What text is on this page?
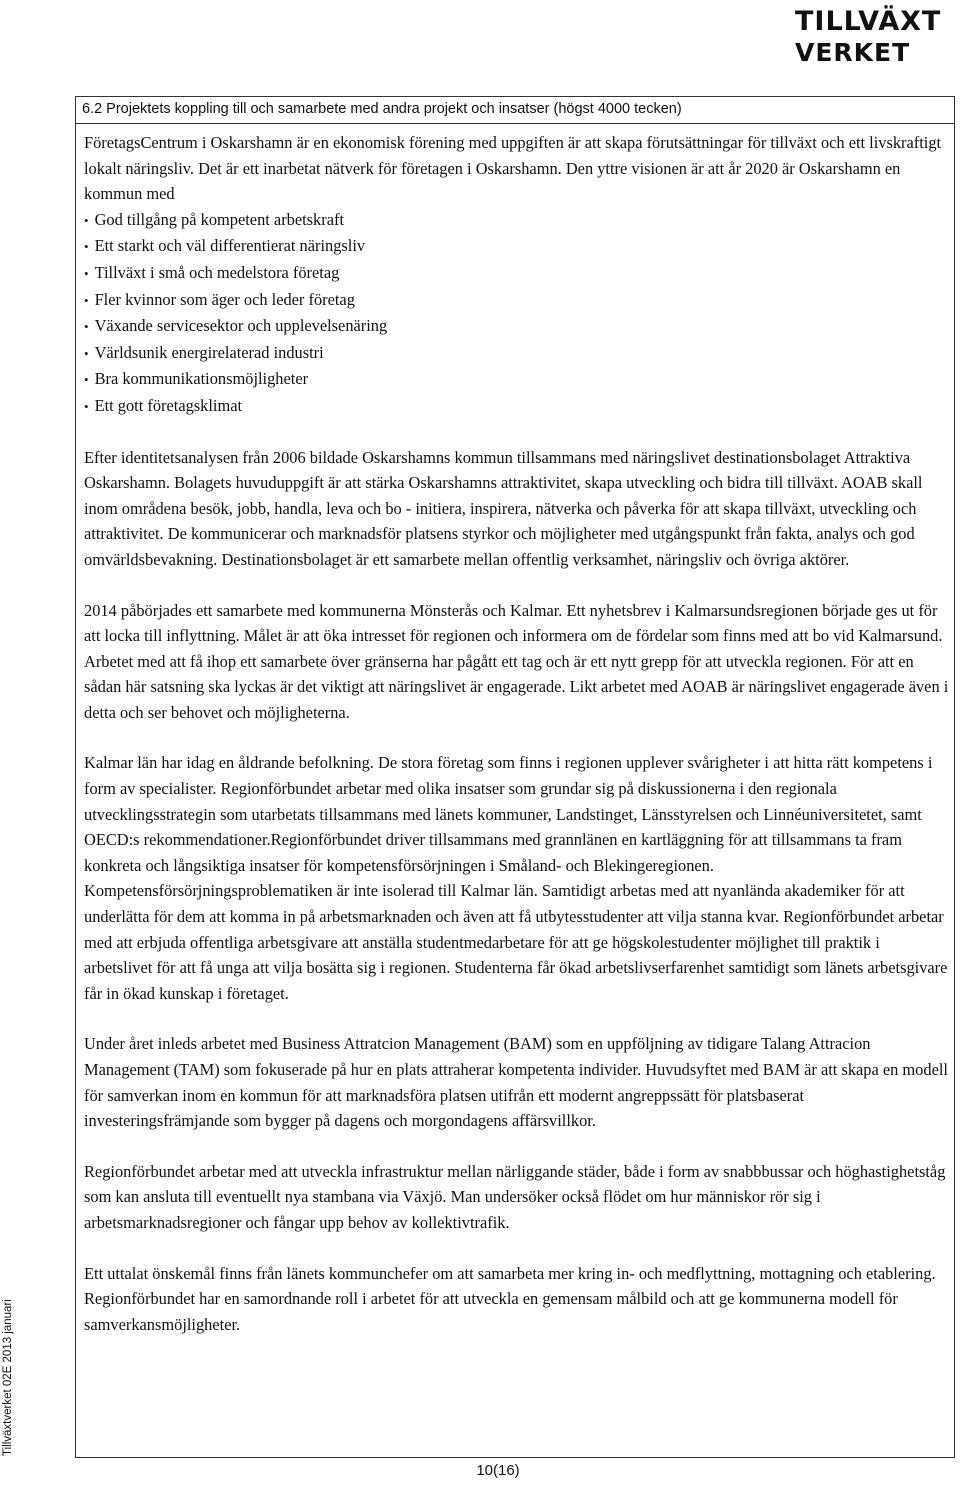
TILLVÄXT
VERKET
Tillväxtverket 02E 2013 januari
6.2 Projektets koppling till och samarbete med andra projekt och insatser (högst 4000 tecken)

FöretagsCentrum i Oskarshamn är en ekonomisk förening med uppgiften är att skapa förutsättningar för tillväxt och ett livskraftigt lokalt näringsliv. Det är ett inarbetat nätverk för företagen i Oskarshamn. Den yttre visionen är att år 2020 är Oskarshamn en kommun med

• God tillgång på kompetent arbetskraft
• Ett starkt och väl differentierat näringsliv
• Tillväxt i små och medelstora företag
• Fler kvinnor som äger och leder företag
• Växande servicesektor och upplevelsenäring
• Världsunik energirelaterad industri
• Bra kommunikationsmöjligheter
• Ett gott företagsklimat

Efter identitetsanalysen från 2006 bildade Oskarshamns kommun tillsammans med näringslivet destinationsbolaget Attraktiva Oskarshamn. Bolagets huvuduppgift är att stärka Oskarshamns attraktivitet, skapa utveckling och bidra till tillväxt. AOAB skall inom områdena besök, jobb, handla, leva och bo - initiera, inspirera, nätverka och påverka för att skapa tillväxt, utveckling och attraktivitet. De kommunicerar och marknadsför platsens styrkor och möjligheter med utgångspunkt från fakta, analys och god omvärldsbevakning. Destinationsbolaget är ett samarbete mellan offentlig verksamhet, näringsliv och övriga aktörer.

2014 påbörjades ett samarbete med kommunerna Mönsterås och Kalmar. Ett nyhetsbrev i Kalmarsundsregionen började ges ut för att locka till inflyttning. Målet är att öka intresset för regionen och informera om de fördelar som finns med att bo vid Kalmarsund. Arbetet med att få ihop ett samarbete över gränserna har pågått ett tag och är ett nytt grepp för att utveckla regionen. För att en sådan här satsning ska lyckas är det viktigt att näringslivet är engagerade. Likt arbetet med AOAB är näringslivet engagerade även i detta och ser behovet och möjligheterna.

Kalmar län har idag en åldrande befolkning. De stora företag som finns i regionen upplever svårigheter i att hitta rätt kompetens i form av specialister. Regionförbundet arbetar med olika insatser som grundar sig på diskussionerna i den regionala utvecklingsstrategin som utarbetats tillsammans med länets kommuner, Landstinget, Länsstyrelsen och Linnéuniversitetet, samt OECD:s rekommendationer.Regionförbundet driver tillsammans med grannlänen en kartläggning för att tillsammans ta fram konkreta och långsiktiga insatser för kompetensförsörjningen i Småland- och Blekingeregionen. Kompetensförsörjningsproblematiken är inte isolerad till Kalmar län. Samtidigt arbetas med att nyanlända akademiker för att underlätta för dem att komma in på arbetsmarknaden och även att få utbytesstudenter att vilja stanna kvar. Regionförbundet arbetar med att erbjuda offentliga arbetsgivare att anställa studentmedarbetare för att ge högskolestudenter möjlighet till praktik i arbetslivet för att få unga att vilja bosätta sig i regionen. Studenterna får ökad arbetslivserfarenhet samtidigt som länets arbetsgivare får in ökad kunskap i företaget.

Under året inleds arbetet med Business Attratcion Management (BAM) som en uppföljning av tidigare Talang Attracion Management (TAM) som fokuserade på hur en plats attraherar kompetenta individer. Huvudsyftet med BAM är att skapa en modell för samverkan inom en kommun för att marknadsföra platsen utifrån ett modernt angreppssätt för platsbaserat investeringsfrämjande som bygger på dagens och morgondagens affärsvillkor.

Regionförbundet arbetar med att utveckla infrastruktur mellan närliggande städer, både i form av snabbbussar och höghastighetståg som kan ansluta till eventuellt nya stambana via Växjö. Man undersöker också flödet om hur människor rör sig i arbetsmarknadsregioner och fångar upp behov av kollektivtrafik.

Ett uttalat önskemål finns från länets kommunchefer om att samarbeta mer kring in- och medflyttning, mottagning och etablering. Regionförbundet har en samordnande roll i arbetet för att utveckla en gemensam målbild och att ge kommunerna modell för samverkansmöjligheter.

10(16)
